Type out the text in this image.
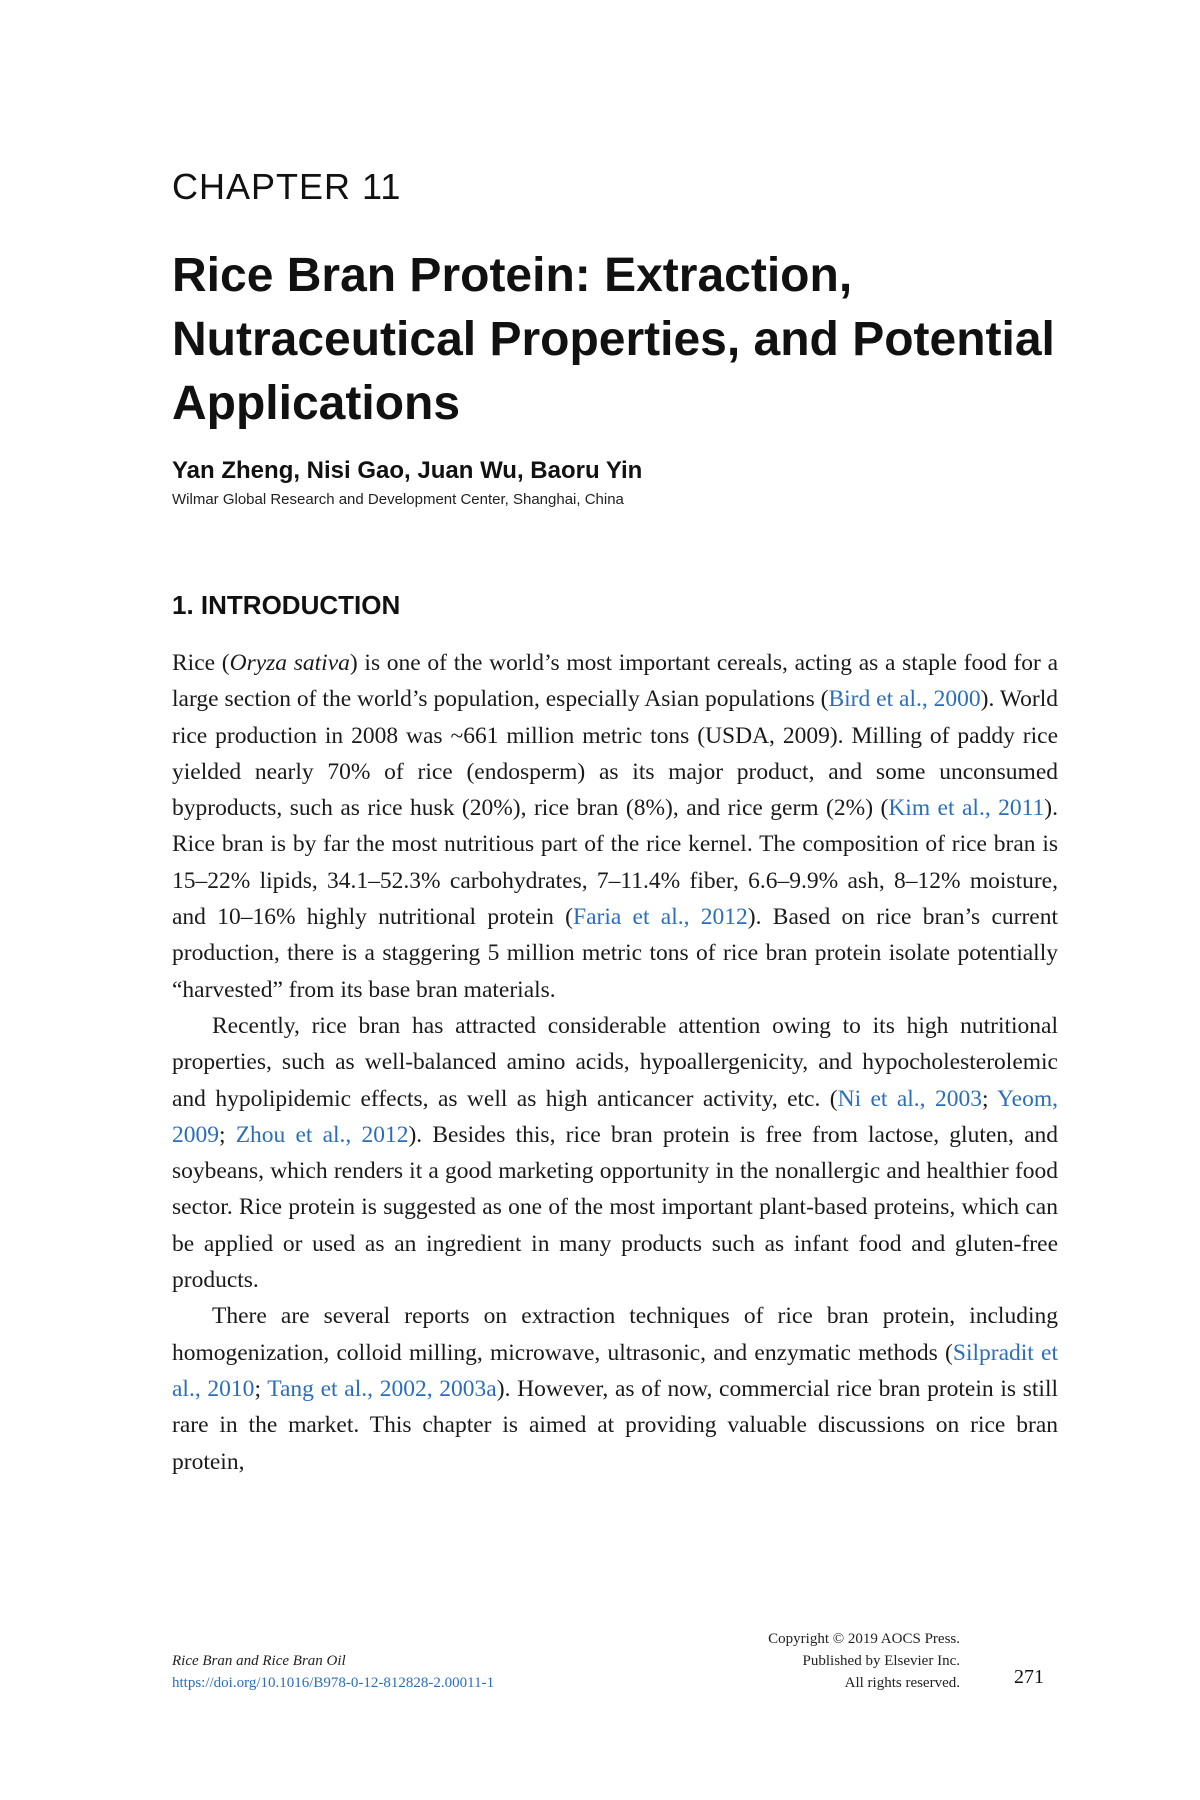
CHAPTER 11
Rice Bran Protein: Extraction, Nutraceutical Properties, and Potential Applications
Yan Zheng, Nisi Gao, Juan Wu, Baoru Yin
Wilmar Global Research and Development Center, Shanghai, China
1. INTRODUCTION

Rice (Oryza sativa) is one of the world’s most important cereals, acting as a staple food for a large section of the world’s population, especially Asian populations (Bird et al., 2000). World rice production in 2008 was ~661 million metric tons (USDA, 2009). Milling of paddy rice yielded nearly 70% of rice (endosperm) as its major product, and some unconsumed byproducts, such as rice husk (20%), rice bran (8%), and rice germ (2%) (Kim et al., 2011). Rice bran is by far the most nutritious part of the rice kernel. The composition of rice bran is 15–22% lipids, 34.1–52.3% carbohydrates, 7–11.4% fiber, 6.6–9.9% ash, 8–12% moisture, and 10–16% highly nutritional protein (Faria et al., 2012). Based on rice bran’s current production, there is a staggering 5 million metric tons of rice bran protein isolate potentially “harvested” from its base bran materials.

Recently, rice bran has attracted considerable attention owing to its high nutritional properties, such as well-balanced amino acids, hypoallergenicity, and hypocholesterolemic and hypolipidemic effects, as well as high anticancer activity, etc. (Ni et al., 2003; Yeom, 2009; Zhou et al., 2012). Besides this, rice bran protein is free from lactose, gluten, and soybeans, which renders it a good marketing opportunity in the nonallergic and healthier food sector. Rice protein is suggested as one of the most important plant-based proteins, which can be applied or used as an ingredient in many products such as infant food and gluten-free products.

There are several reports on extraction techniques of rice bran protein, including homogenization, colloid milling, microwave, ultrasonic, and enzymatic methods (Silpradit et al., 2010; Tang et al., 2002, 2003a). However, as of now, commercial rice bran protein is still rare in the market. This chapter is aimed at providing valuable discussions on rice bran protein,

Rice Bran and Rice Bran Oil
https://doi.org/10.1016/B978-0-12-812828-2.00011-1
Copyright © 2019 AOCS Press.
Published by Elsevier Inc.
All rights reserved.	271
